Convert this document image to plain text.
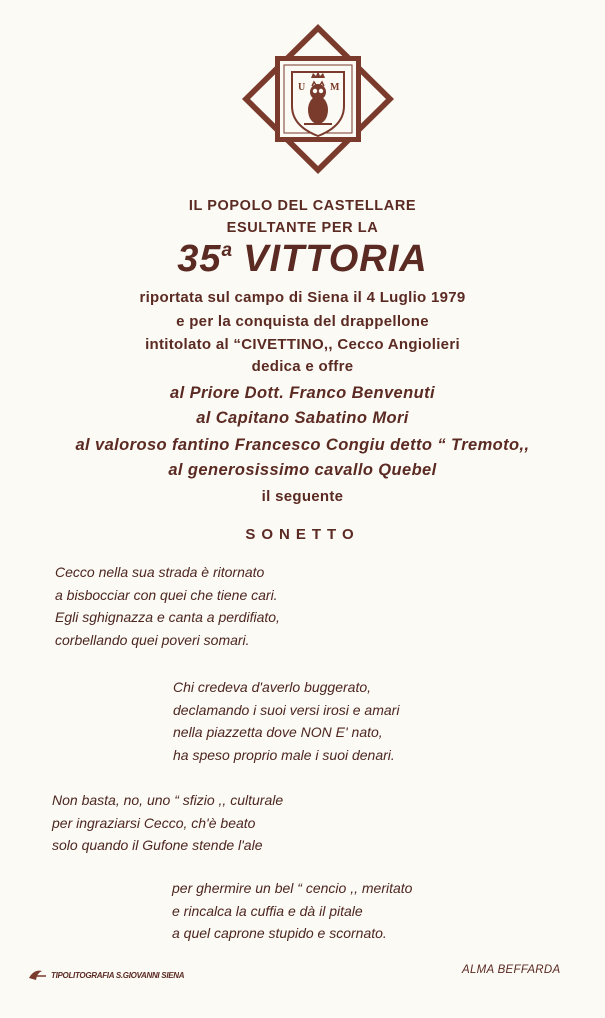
U M
IL POPOLO DEL CASTELLARE
ESULTANTE PER LA
35$^a$ VITTORIA
riportata sul campo di Siena il 4 Luglio 1979
e per la conquista del drappellone
intitolato al “CIVETTINO,, Cecco Angiolieri
dedica e offre
al Priore Dott. Franco Benvenuti
al Capitano Sabatino Mori
al valoroso fantino Francesco Congiu detto “ Tremoto,,
al generosissimo cavallo Quebel
il seguente
SONETTO
Cecco nella sua strada è ritornato
a bisbocciar con quei che tiene cari.
Egli sghignazza e canta a perdifiato,
corbellando quei poveri somari.
Chi credeva d'averlo buggerato,
declamando i suoi versi irosi e amari
nella piazzetta dove NON E' nato,
ha speso proprio male i suoi denari.
Non basta, no, uno “ sfizio ,, culturale
per ingraziarsi Cecco, ch'è beato
solo quando il Gufone stende l'ale
per ghermire un bel “ cencio ,, meritato
e rincalca la cuffia e dà il pitale
a quel caprone stupido e scornato.
TIPOLITOGRAFIA S.GIOVANNI SIENA	ALMA BEFFARDA
